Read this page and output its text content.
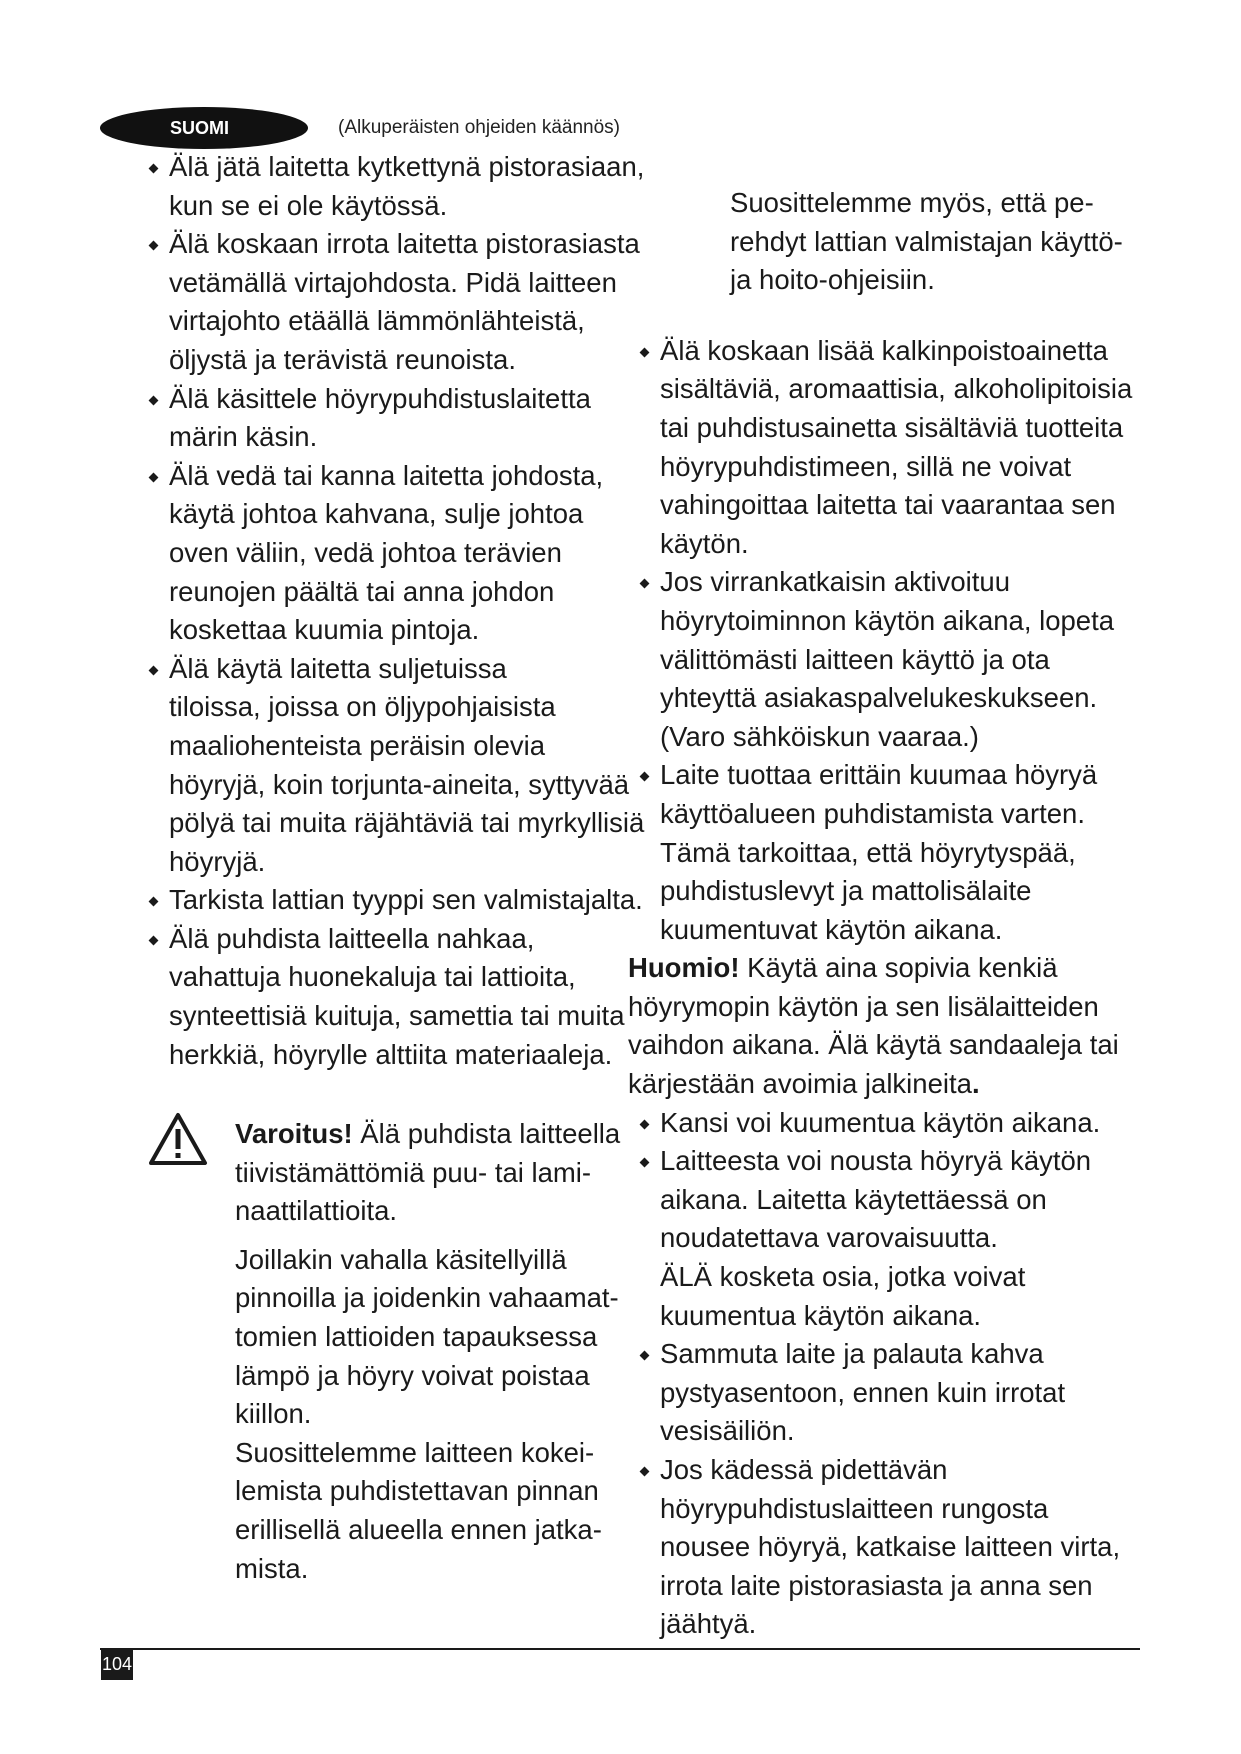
SUOMI	(Alkuperäisten ohjeiden käännös)
Älä jätä laitetta kytkettynä pistorasiaan,
kun se ei ole käytössä.
Älä koskaan irrota laitetta pistorasiasta
vetämällä virtajohdosta. Pidä laitteen
virtajohto etäällä lämmönlähteistä,
öljystä ja terävistä reunoista.
Älä käsittele höyrypuhdistuslaitetta
märin käsin.
Älä vedä tai kanna laitetta johdosta,
käytä johtoa kahvana, sulje johtoa
oven väliin, vedä johtoa terävien
reunojen päältä tai anna johdon
koskettaa kuumia pintoja.
Älä käytä laitetta suljetuissa
tiloissa, joissa on öljypohjaisista
maaliohenteista peräisin olevia
höyryjä, koin torjunta-aineita, syttyvää
pölyä tai muita räjähtäviä tai myrkyllisiä
höyryjä.
Tarkista lattian tyyppi sen valmistajalta.
Älä puhdista laitteella nahkaa,
vahattuja huonekaluja tai lattioita,
synteettisiä kuituja, samettia tai muita
herkkiä, höyrylle alttiita materiaaleja.
Varoitus! Älä puhdista laitteella
tiivistämättömiä puu- tai lami-
naattilattioita.
Joillakin vahalla käsitellyillä
pinnoilla ja joidenkin vahaamat-
tomien lattioiden tapauksessa
lämpö ja höyry voivat poistaa
kiillon.
Suosittelemme laitteen kokei-
lemista puhdistettavan pinnan
erillisellä alueella ennen jatka-
mista.
Suosittelemme myös, että pe-
rehdyt lattian valmistajan käyttö-
ja hoito-ohjeisiin.
Älä koskaan lisää kalkinpoistoainetta
sisältäviä, aromaattisia, alkoholipitoisia
tai puhdistusainetta sisältäviä tuotteita
höyrypuhdistimeen, sillä ne voivat
vahingoittaa laitetta tai vaarantaa sen
käytön.
Jos virrankatkaisin aktivoituu
höyrytoiminnon käytön aikana, lopeta
välittömästi laitteen käyttö ja ota
yhteyttä asiakaspalvelukeskukseen.
(Varo sähköiskun vaaraa.)
Laite tuottaa erittäin kuumaa höyryä
käyttöalueen puhdistamista varten.
Tämä tarkoittaa, että höyrytyspää,
puhdistuslevyt ja mattolisälaite
kuumentuvat käytön aikana.
Huomio! Käytä aina sopivia kenkiä
höyrymopin käytön ja sen lisälaitteiden
vaihdon aikana. Älä käytä sandaaleja tai
kärjestään avoimia jalkineita.
Kansi voi kuumentua käytön aikana.
Laitteesta voi nousta höyryä käytön
aikana. Laitetta käytettäessä on
noudatettava varovaisuutta.
ÄLÄ kosketa osia, jotka voivat
kuumentua käytön aikana.
Sammuta laite ja palauta kahva
pystyasentoon, ennen kuin irrotat
vesisäiliön.
Jos kädessä pidettävän
höyrypuhdistuslaitteen rungosta
nousee höyryä, katkaise laitteen virta,
irrota laite pistorasiasta ja anna sen
jäähtyä.
104
